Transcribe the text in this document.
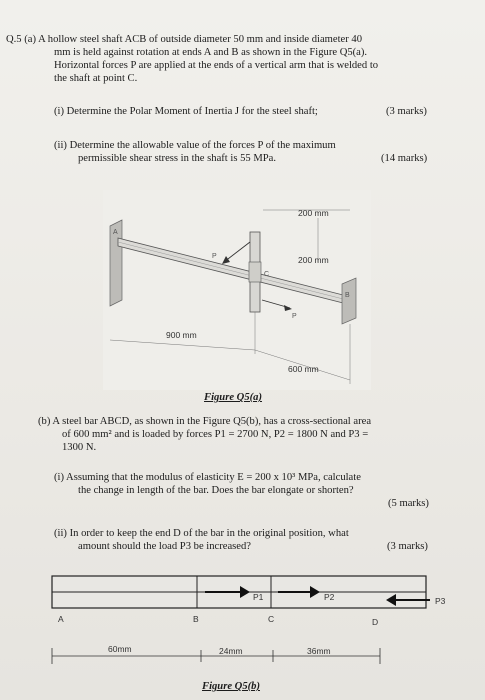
Q.5 (a) A hollow steel shaft ACB of outside diameter 50 mm and inside diameter 40
mm is held against rotation at ends A and B as shown in the Figure Q5(a).
Horizontal forces P are applied at the ends of a vertical arm that is welded to
the shaft at point C.
(i) Determine the Polar Moment of Inertia J for the steel shaft;	(3 marks)
(ii) Determine the allowable value of the forces P of the maximum
permissible shear stress in the shaft is 55 MPa.	(14 marks)
A
B
C
P
P
200 mm
200 mm
900 mm
600 mm
Figure Q5(a)
(b) A steel bar ABCD, as shown in the Figure Q5(b), has a cross-sectional area
of 600 mm² and is loaded by forces P1 = 2700 N, P2 = 1800 N and P3 =
1300 N.
(i) Assuming that the modulus of elasticity E = 200 x 10³ MPa, calculate
the change in length of the bar. Does the bar elongate or shorten?
(5 marks)
(ii) In order to keep the end D of the bar in the original position, what
amount should the load P3 be increased?	(3 marks)
P1	P2	P3
A	B	C	D
60mm	24mm	36mm
Figure Q5(b)
